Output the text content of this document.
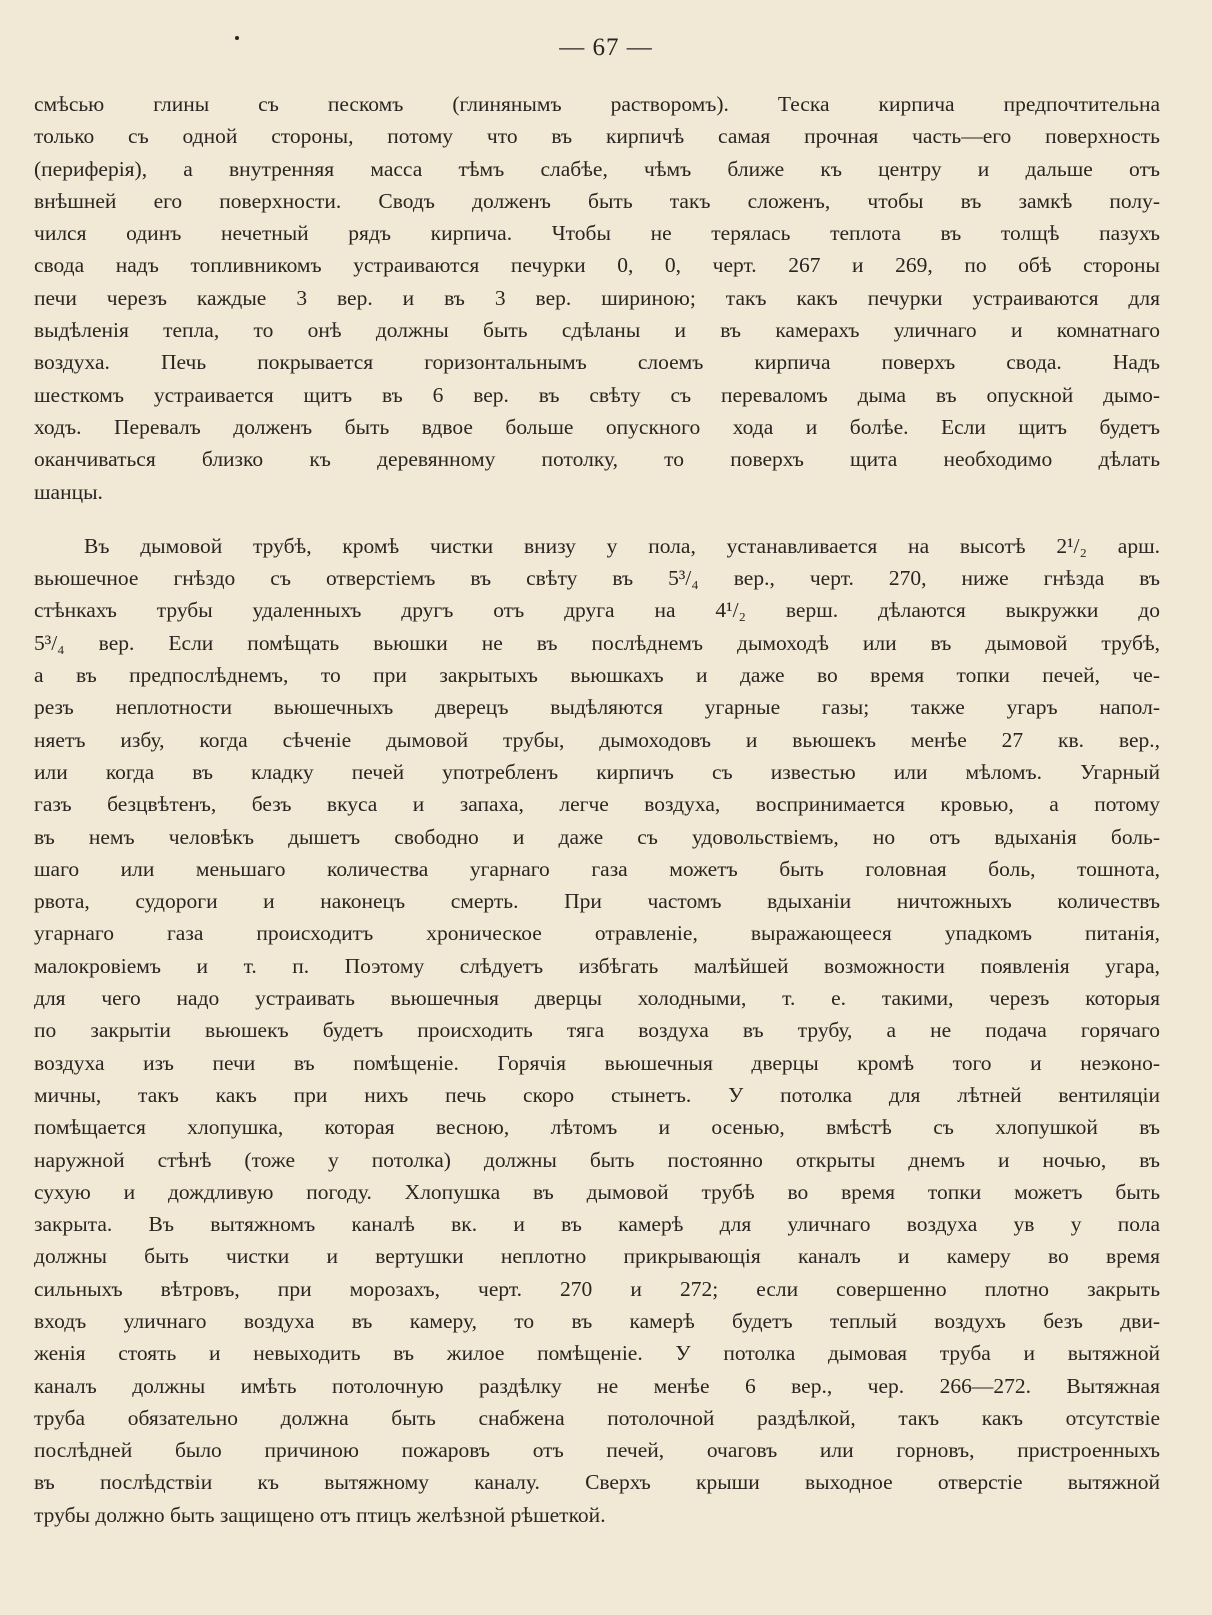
— 67 —
смѣсью глины съ пескомъ (глинянымъ растворомъ). Теска кирпича предпочтительна
только съ одной стороны, потому что въ кирпичѣ самая прочная часть—его поверхность
(периферія), а внутренняя масса тѣмъ слабѣе, чѣмъ ближе къ центру и дальше отъ
внѣшней его поверхности. Сводъ долженъ быть такъ сложенъ, чтобы въ замкѣ полу-
чился одинъ нечетный рядъ кирпича. Чтобы не терялась теплота въ толщѣ пазухъ
свода надъ топливникомъ устраиваются печурки 0, 0, черт. 267 и 269, по обѣ стороны
печи черезъ каждые 3 вер. и въ 3 вер. шириною; такъ какъ печурки устраиваются для
выдѣленія тепла, то онѣ должны быть сдѣланы и въ камерахъ уличнаго и комнатнаго
воздуха. Печь покрывается горизонтальнымъ слоемъ кирпича поверхъ свода. Надъ
шесткомъ устраивается щитъ въ 6 вер. въ свѣту съ переваломъ дыма въ опускной дымо-
ходъ. Перевалъ долженъ быть вдвое больше опускного хода и болѣе. Если щитъ будетъ
оканчиваться близко къ деревянному потолку, то поверхъ щита необходимо дѣлать
шанцы.
Въ дымовой трубѣ, кромѣ чистки внизу у пола, устанавливается на высотѣ 2¹/₂ арш.
вьюшечное гнѣздо съ отверстіемъ въ свѣту въ 5³/₄ вер., черт. 270, ниже гнѣзда въ
стѣнкахъ трубы удаленныхъ другъ отъ друга на 4¹/₂ верш. дѣлаются выкружки до
5³/₄ вер. Если помѣщать вьюшки не въ послѣднемъ дымоходѣ или въ дымовой трубѣ,
а въ предпослѣднемъ, то при закрытыхъ вьюшкахъ и даже во время топки печей, че-
резъ неплотности вьюшечныхъ дверецъ выдѣляются угарные газы; также угаръ напол-
няетъ избу, когда сѣченіе дымовой трубы, дымоходовъ и вьюшекъ менѣе 27 кв. вер.,
или когда въ кладку печей употребленъ кирпичъ съ известью или мѣломъ. Угарный
газъ безцвѣтенъ, безъ вкуса и запаха, легче воздуха, воспринимается кровью, а потому
въ немъ человѣкъ дышетъ свободно и даже съ удовольствіемъ, но отъ вдыханія боль-
шаго или меньшаго количества угарнаго газа можетъ быть головная боль, тошнота,
рвота, судороги и наконецъ смерть. При частомъ вдыханіи ничтожныхъ количествъ
угарнаго газа происходитъ хроническое отравленіе, выражающееся упадкомъ питанія,
малокровіемъ и т. п. Поэтому слѣдуетъ избѣгать малѣйшей возможности появленія угара,
для чего надо устраивать вьюшечныя дверцы холодными, т. е. такими, черезъ которыя
по закрытіи вьюшекъ будетъ происходить тяга воздуха въ трубу, а не подача горячаго
воздуха изъ печи въ помѣщеніе. Горячія вьюшечныя дверцы кромѣ того и неэконо-
мичны, такъ какъ при нихъ печь скоро стынетъ. У потолка для лѣтней вентиляціи
помѣщается хлопушка, которая весною, лѣтомъ и осенью, вмѣстѣ съ хлопушкой въ
наружной стѣнѣ (тоже у потолка) должны быть постоянно открыты днемъ и ночью, въ
сухую и дождливую погоду. Хлопушка въ дымовой трубѣ во время топки можетъ быть
закрыта. Въ вытяжномъ каналѣ вк. и въ камерѣ для уличнаго воздуха ув у пола
должны быть чистки и вертушки неплотно прикрывающія каналъ и камеру во время
сильныхъ вѣтровъ, при морозахъ, черт. 270 и 272; если совершенно плотно закрыть
входъ уличнаго воздуха въ камеру, то въ камерѣ будетъ теплый воздухъ безъ дви-
женія стоять и невыходить въ жилое помѣщеніе. У потолка дымовая труба и вытяжной
каналъ должны имѣть потолочную раздѣлку не менѣе 6 вер., чер. 266—272. Вытяжная
труба обязательно должна быть снабжена потолочной раздѣлкой, такъ какъ отсутствіе
послѣдней было причиною пожаровъ отъ печей, очаговъ или горновъ, пристроенныхъ
въ послѣдствіи къ вытяжному каналу. Сверхъ крыши выходное отверстіе вытяжной
трубы должно быть защищено отъ птицъ желѣзной рѣшеткой.
